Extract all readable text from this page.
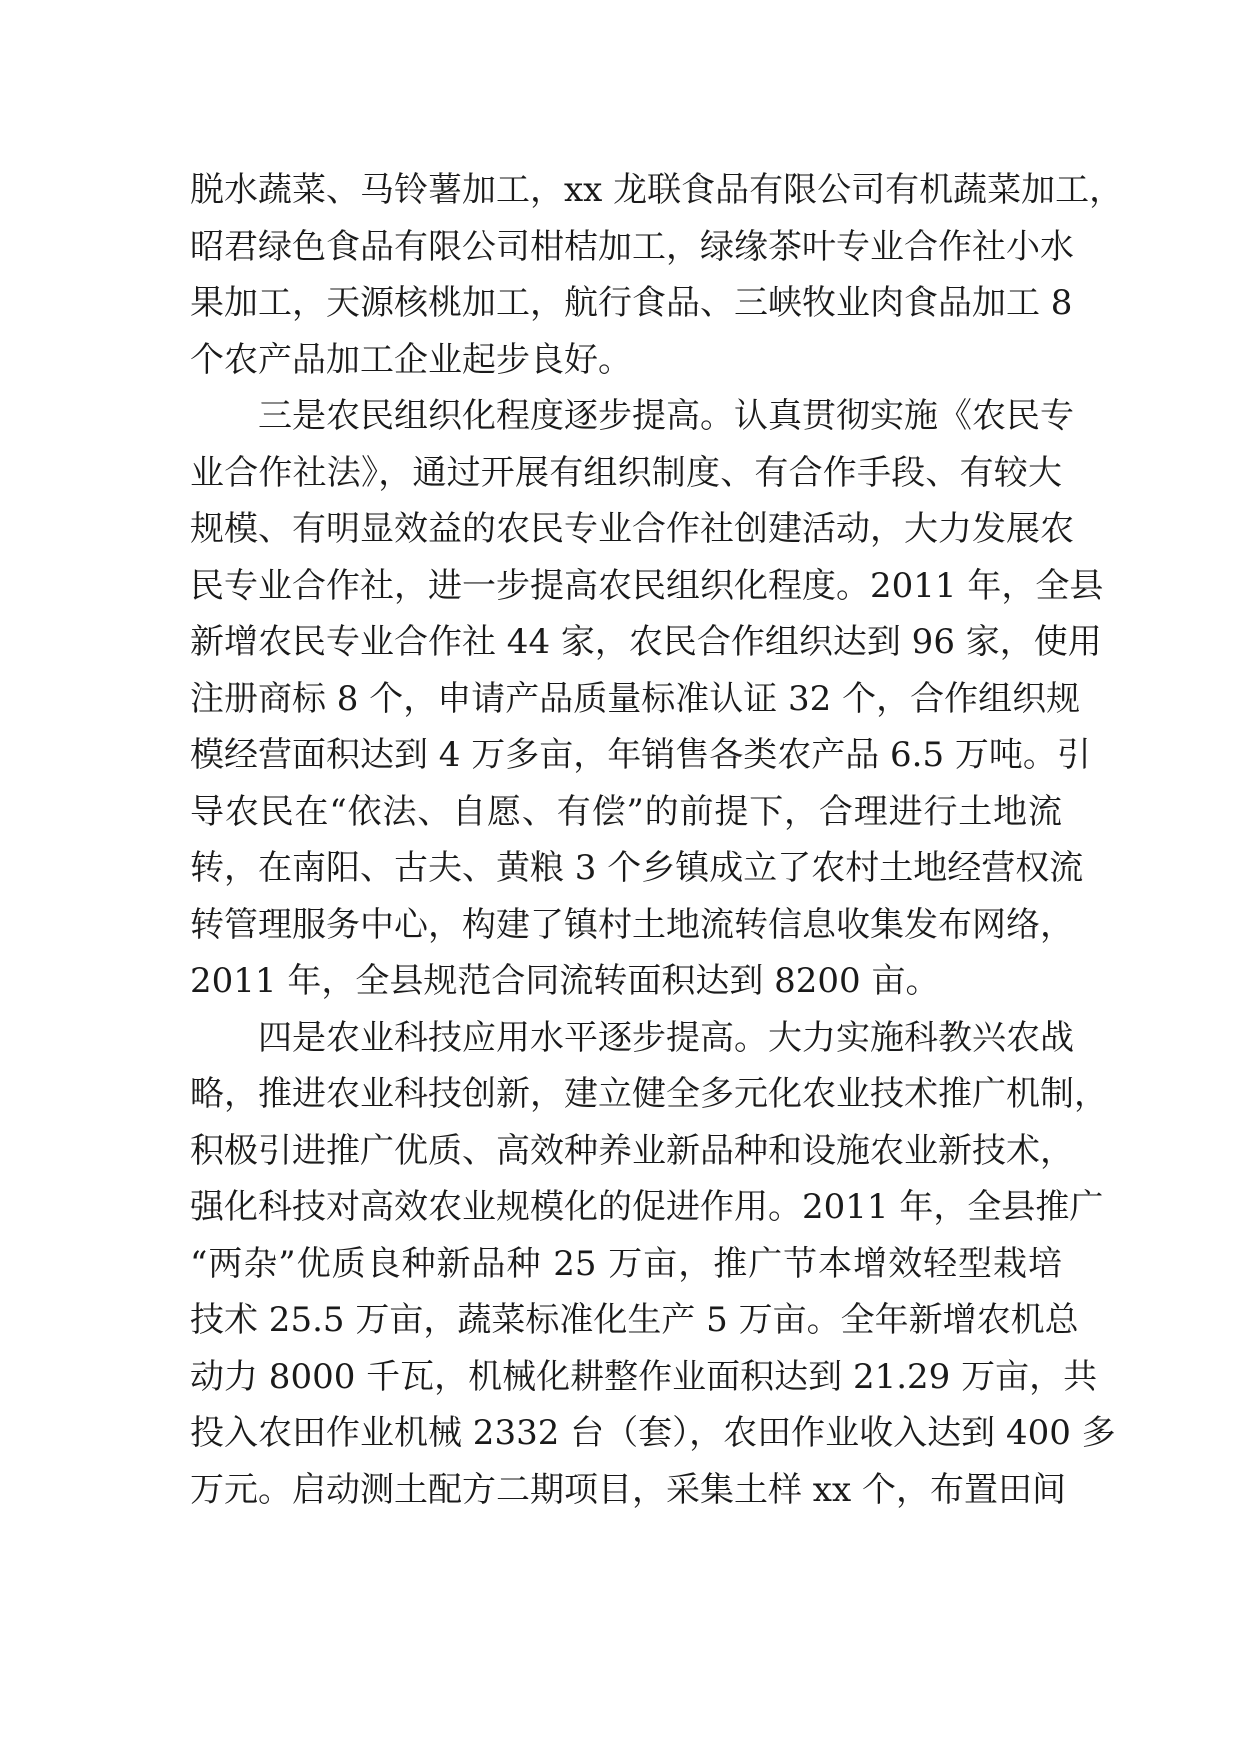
脱水蔬菜、马铃薯加工，xx 龙联食品有限公司有机蔬菜加工，
昭君绿色食品有限公司柑桔加工，绿缘茶叶专业合作社小水
果加工，天源核桃加工，航行食品、三峡牧业肉食品加工 8
个农产品加工企业起步良好。
三是农民组织化程度逐步提高。认真贯彻实施《农民专
业合作社法》，通过开展有组织制度、有合作手段、有较大
规模、有明显效益的农民专业合作社创建活动，大力发展农
民专业合作社，进一步提高农民组织化程度。2011 年，全县
新增农民专业合作社 44 家，农民合作组织达到 96 家，使用
注册商标 8 个，申请产品质量标准认证 32 个，合作组织规
模经营面积达到 4 万多亩，年销售各类农产品 6.5 万吨。引
导农民在“依法、自愿、有偿”的前提下，合理进行土地流
转，在南阳、古夫、黄粮 3 个乡镇成立了农村土地经营权流
转管理服务中心，构建了镇村土地流转信息收集发布网络，
2011 年，全县规范合同流转面积达到 8200 亩。
四是农业科技应用水平逐步提高。大力实施科教兴农战
略，推进农业科技创新，建立健全多元化农业技术推广机制，
积极引进推广优质、高效种养业新品种和设施农业新技术，
强化科技对高效农业规模化的促进作用。2011 年，全县推广
“两杂”优质良种新品种 25 万亩，推广节本增效轻型栽培
技术 25.5 万亩，蔬菜标准化生产 5 万亩。全年新增农机总
动力 8000 千瓦，机械化耕整作业面积达到 21.29 万亩，共
投入农田作业机械 2332 台（套），农田作业收入达到 400 多
万元。启动测土配方二期项目，采集土样 xx 个，布置田间
